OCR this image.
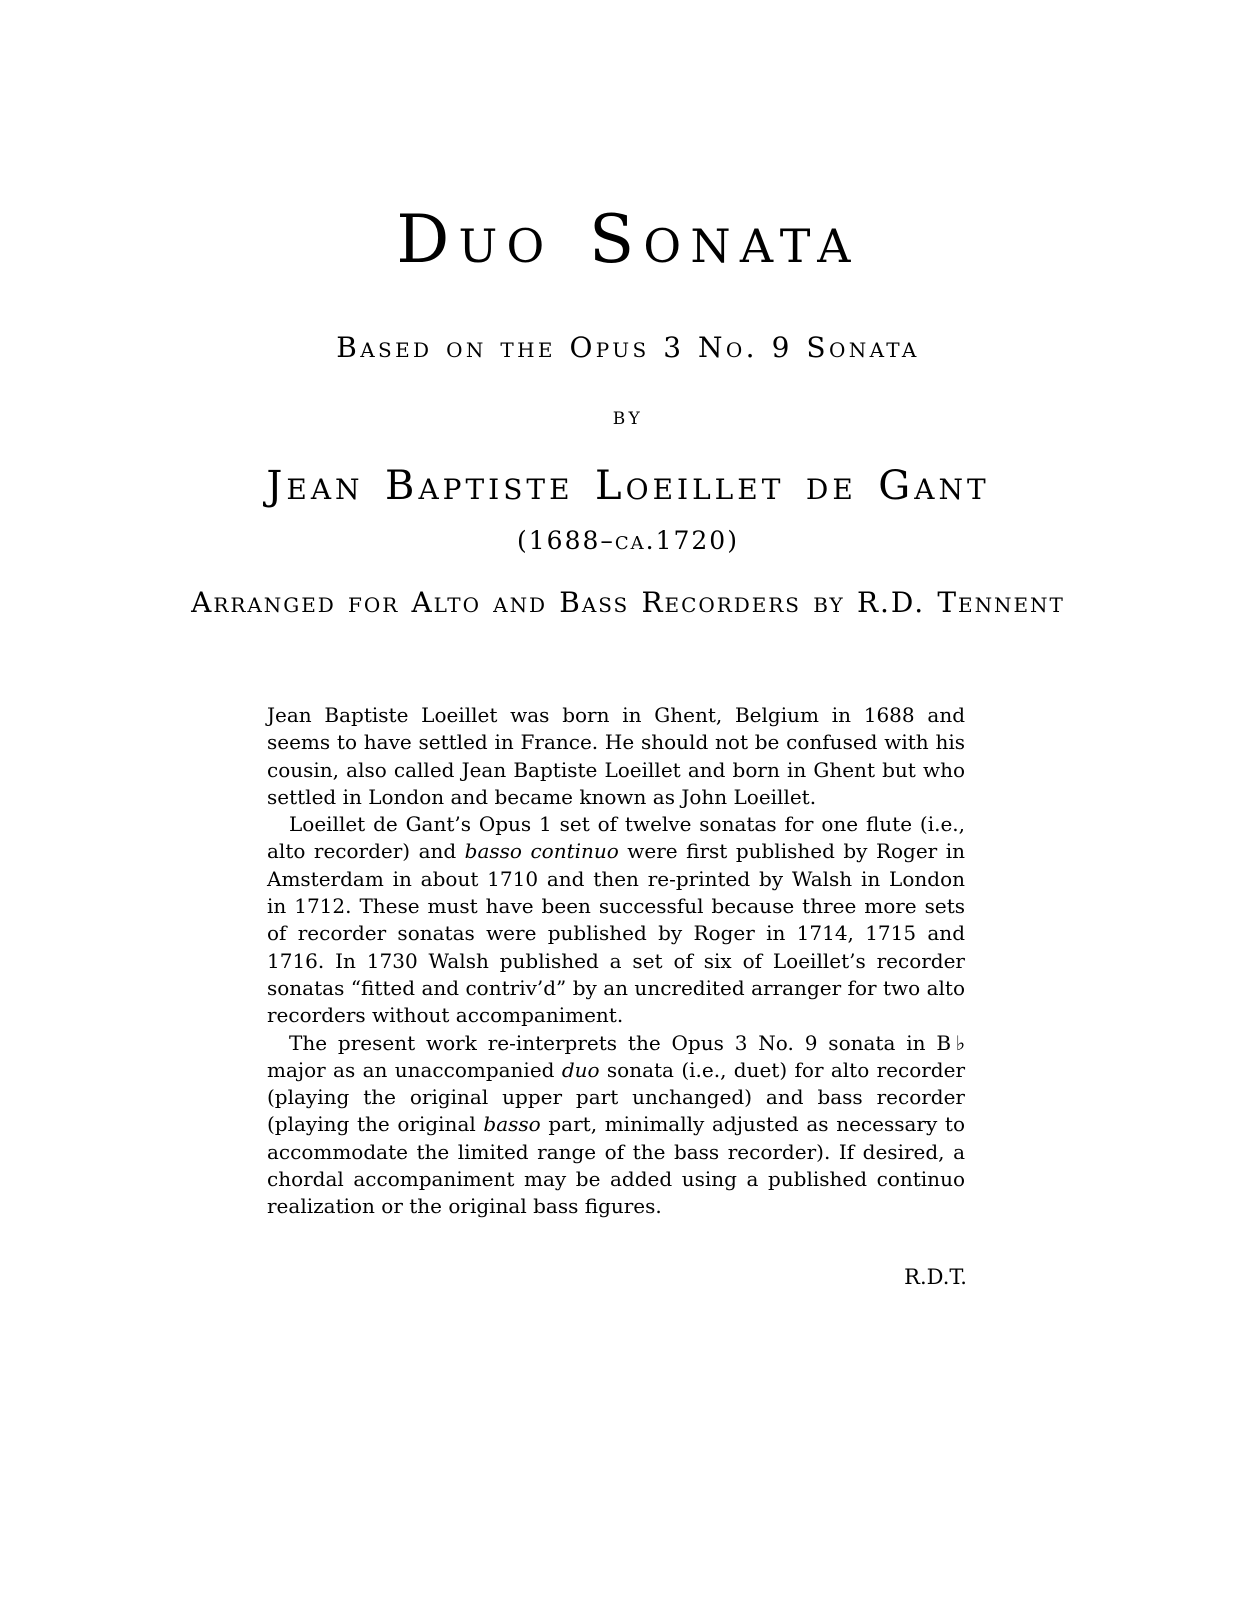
Duo Sonata
Based on the Opus 3 No. 9 Sonata
by
Jean Baptiste Loeillet de Gant
(1688–ca.1720)
Arranged for Alto and Bass Recorders by R.D. Tennent

Jean Baptiste Loeillet was born in Ghent, Belgium in 1688 and seems to have settled in France. He should not be confused with his cousin, also called Jean Baptiste Loeillet and born in Ghent but who settled in London and became known as John Loeillet.

Loeillet de Gant’s Opus 1 set of twelve sonatas for one flute (i.e., alto recorder) and basso continuo were first published by Roger in Amsterdam in about 1710 and then re-printed by Walsh in London in 1712. These must have been successful because three more sets of recorder sonatas were published by Roger in 1714, 1715 and 1716. In 1730 Walsh published a set of six of Loeillet’s recorder sonatas “fitted and contriv’d” by an uncredited arranger for two alto recorders without accompaniment.

The present work re-interprets the Opus 3 No. 9 sonata in B♭ major as an unaccompanied duo sonata (i.e., duet) for alto recorder (playing the original upper part unchanged) and bass recorder (playing the original basso part, minimally adjusted as necessary to accommodate the limited range of the bass recorder). If desired, a chordal accompaniment may be added using a published continuo realization or the original bass figures.

R.D.T.
